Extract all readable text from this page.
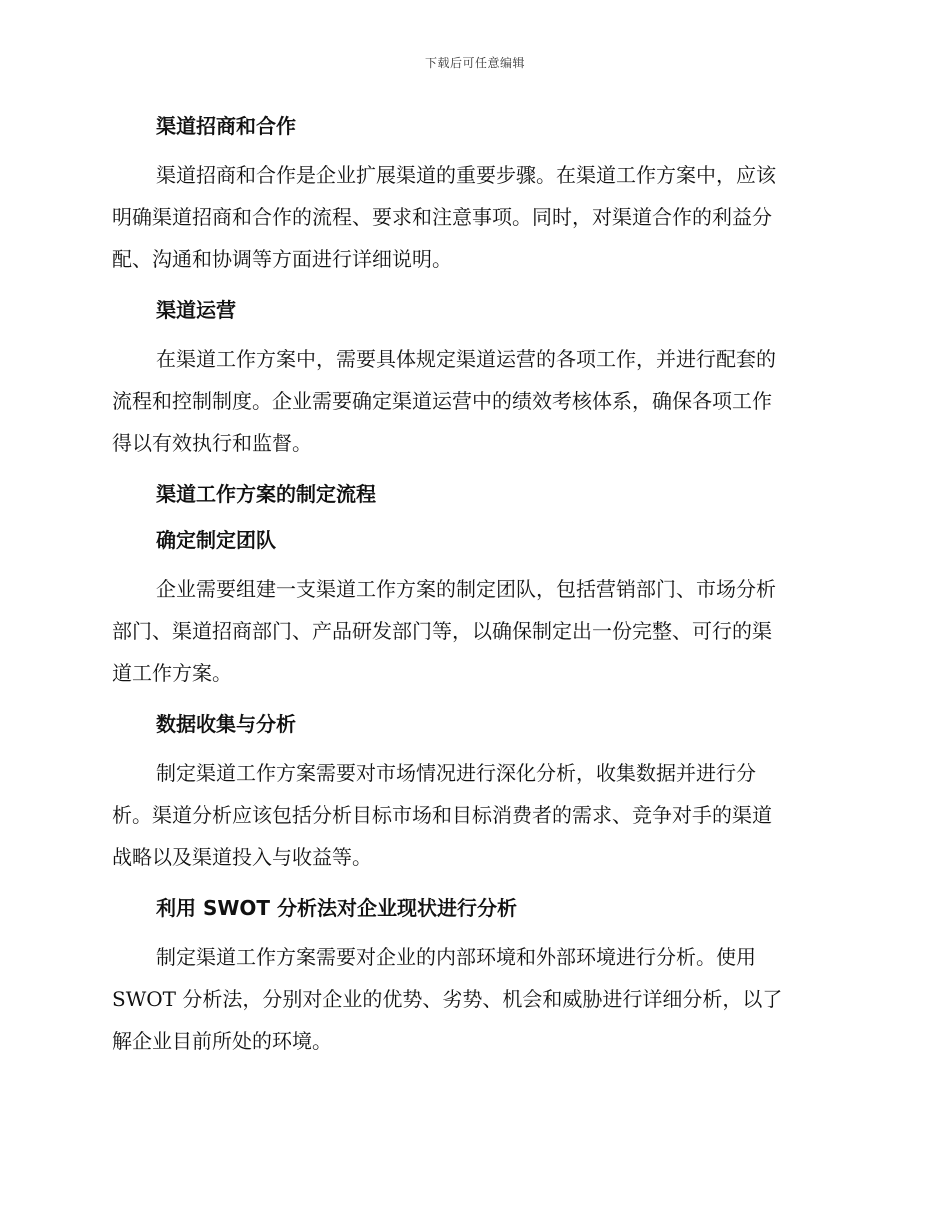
下载后可任意编辑
渠道招商和合作

渠道招商和合作是企业扩展渠道的重要步骤。在渠道工作方案中，应该
明确渠道招商和合作的流程、要求和注意事项。同时，对渠道合作的利益分
配、沟通和协调等方面进行详细说明。

渠道运营

在渠道工作方案中，需要具体规定渠道运营的各项工作，并进行配套的
流程和控制制度。企业需要确定渠道运营中的绩效考核体系，确保各项工作
得以有效执行和监督。

渠道工作方案的制定流程
确定制定团队

企业需要组建一支渠道工作方案的制定团队，包括营销部门、市场分析
部门、渠道招商部门、产品研发部门等，以确保制定出一份完整、可行的渠
道工作方案。

数据收集与分析

制定渠道工作方案需要对市场情况进行深化分析，收集数据并进行分
析。渠道分析应该包括分析目标市场和目标消费者的需求、竞争对手的渠道
战略以及渠道投入与收益等。

利用 SWOT 分析法对企业现状进行分析

制定渠道工作方案需要对企业的内部环境和外部环境进行分析。使用
SWOT 分析法，分别对企业的优势、劣势、机会和威胁进行详细分析，以了
解企业目前所处的环境。
